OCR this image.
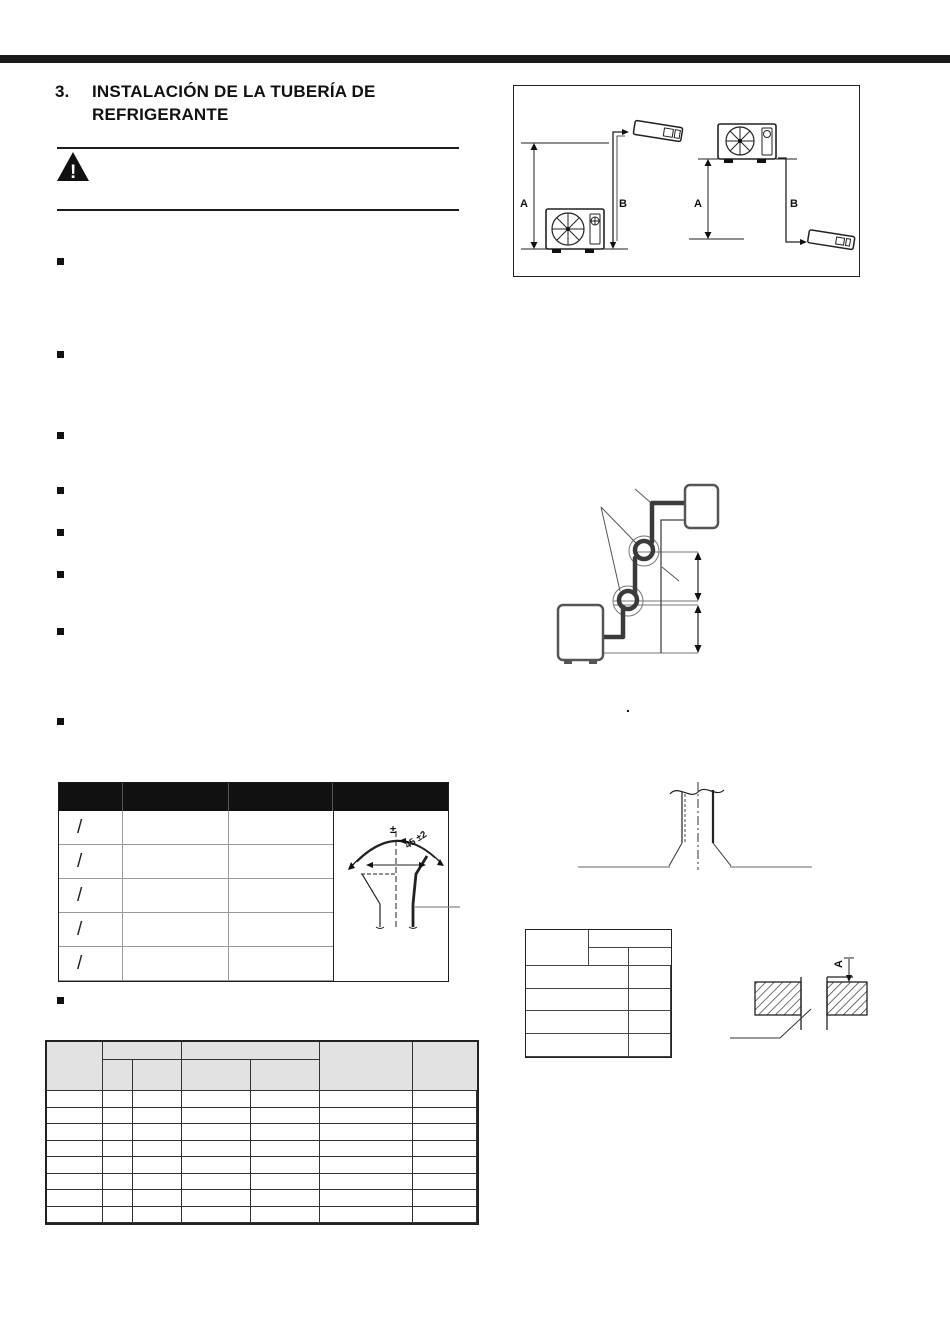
3.	INSTALACIÓN DE LA TUBERÍA DE REFRIGERANTE
!
A	B	A	B
.
± 45 ±2
/
/
/
/
/	A
